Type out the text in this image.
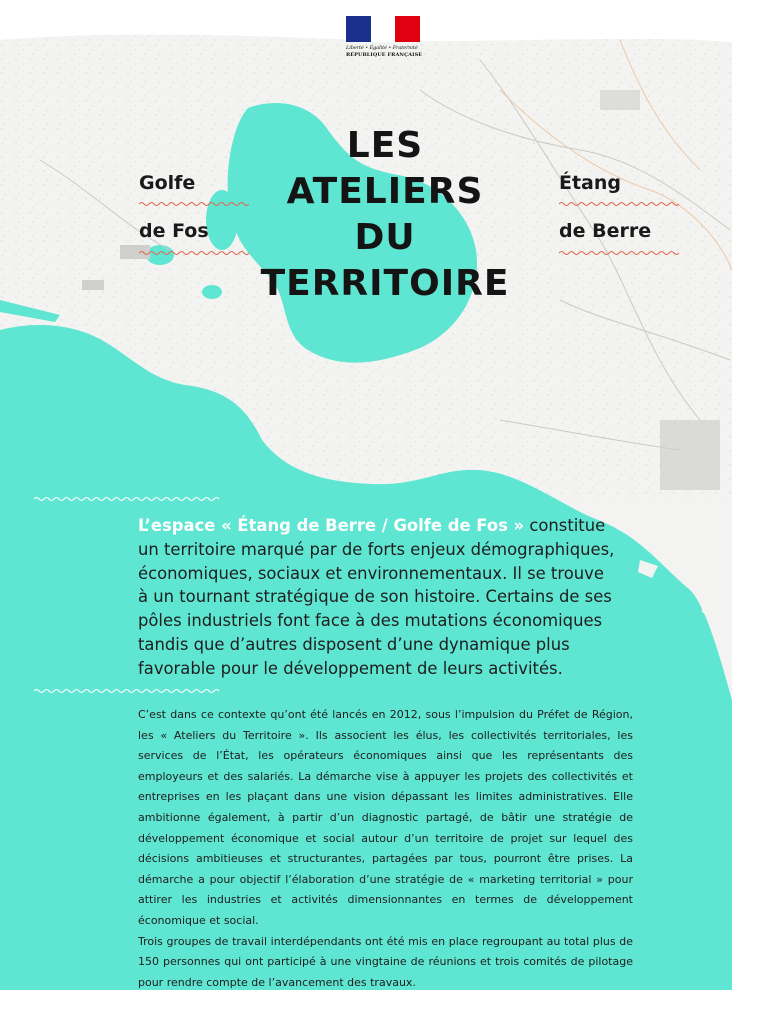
Liberté • Égalité • Fraternité
RÉPUBLIQUE FRANÇAISE
LES
ATELIERS
DU
TERRITOIRE
Golfe
de Fos
Étang
de Berre
L’espace « Étang de Berre / Golfe de Fos » constitue un territoire marqué par de forts enjeux démographiques, économiques, sociaux et environnementaux. Il se trouve à un tournant stratégique de son histoire. Certains de ses pôles industriels font face à des mutations économiques tandis que d’autres disposent d’une dynamique plus favorable pour le développement de leurs activités.

C’est dans ce contexte qu’ont été lancés en 2012, sous l’impulsion du Préfet de Région, les « Ateliers du Territoire ». Ils associent les élus, les collectivités territoriales, les services de l’État, les opérateurs économiques ainsi que les représentants des employeurs et des salariés. La démarche vise à appuyer les projets des collectivités et entreprises en les plaçant dans une vision dépassant les limites administratives. Elle ambitionne également, à partir d’un diagnostic partagé, de bâtir une stratégie de développement économique et social autour d’un territoire de projet sur lequel des décisions ambitieuses et structurantes, partagées par tous, pourront être prises. La démarche a pour objectif l’élaboration d’une stratégie de « marketing territorial » pour attirer les industries et activités dimensionnantes en termes de développement économique et social.

Trois groupes de travail interdépendants ont été mis en place regroupant au total plus de 150 personnes qui ont participé à une vingtaine de réunions et trois comités de pilotage pour rendre compte de l’avancement des travaux.
